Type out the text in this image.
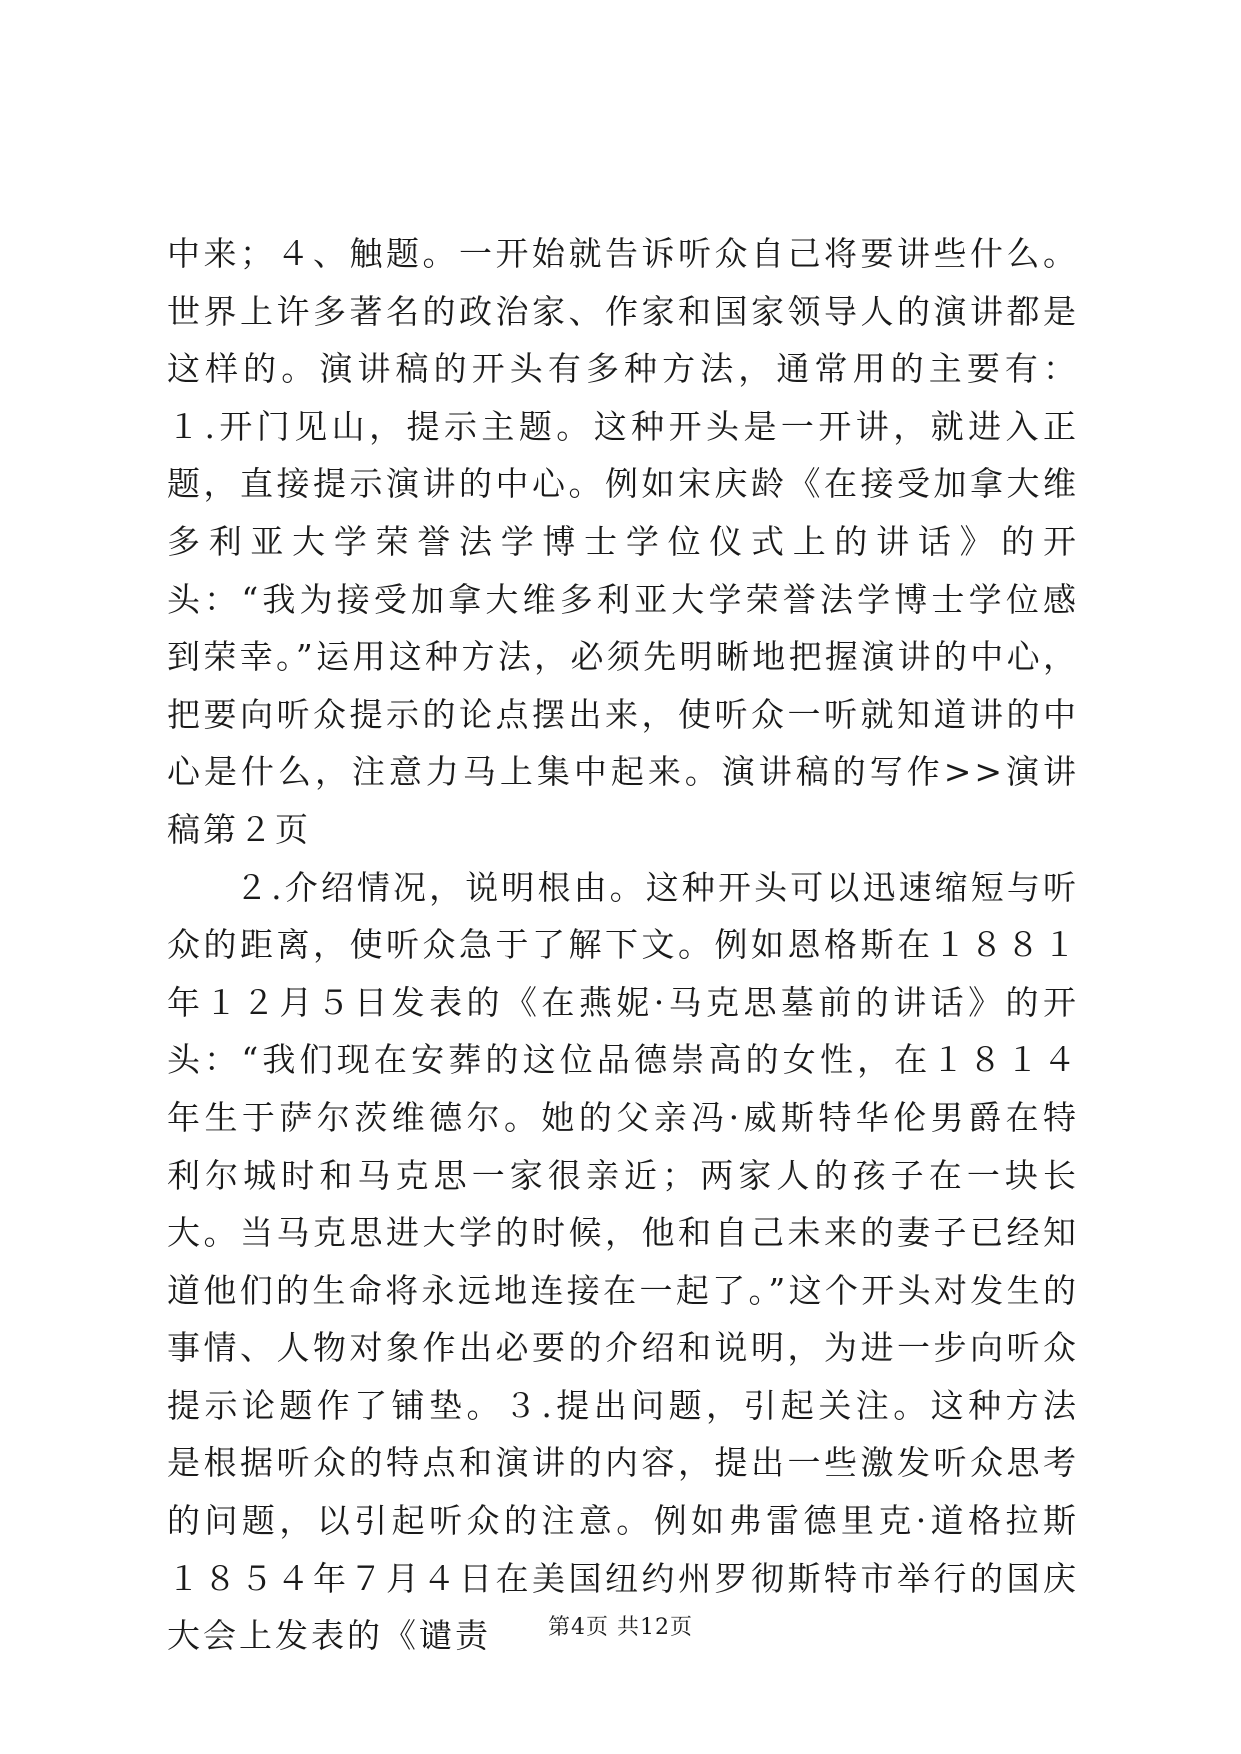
中来；４、触题。一开始就告诉听众自己将要讲些什么。世界上许多著名的政治家、作家和国家领导人的演讲都是这样的。演讲稿的开头有多种方法，通常用的主要有：１.开门见山，提示主题。这种开头是一开讲，就进入正题，直接提示演讲的中心。例如宋庆龄《在接受加拿大维多利亚大学荣誉法学博士学位仪式上的讲话》的开头：“我为接受加拿大维多利亚大学荣誉法学博士学位感到荣幸。”运用这种方法，必须先明晰地把握演讲的中心，把要向听众提示的论点摆出来，使听众一听就知道讲的中心是什么，注意力马上集中起来。演讲稿的写作>>演讲稿第２页

２.介绍情况，说明根由。这种开头可以迅速缩短与听众的距离，使听众急于了解下文。例如恩格斯在１８８１年１２月５日发表的《在燕妮·马克思墓前的讲话》的开头：“我们现在安葬的这位品德崇高的女性，在１８１４年生于萨尔茨维德尔。她的父亲冯·威斯特华伦男爵在特利尔城时和马克思一家很亲近；两家人的孩子在一块长大。当马克思进大学的时候，他和自己未来的妻子已经知道他们的生命将永远地连接在一起了。”这个开头对发生的事情、人物对象作出必要的介绍和说明，为进一步向听众提示论题作了铺垫。３.提出问题，引起关注。这种方法是根据听众的特点和演讲的内容，提出一些激发听众思考的问题，以引起听众的注意。例如弗雷德里克·道格拉斯１８５４年７月４日在美国纽约州罗彻斯特市举行的国庆大会上发表的《谴责	第4页 共12页
